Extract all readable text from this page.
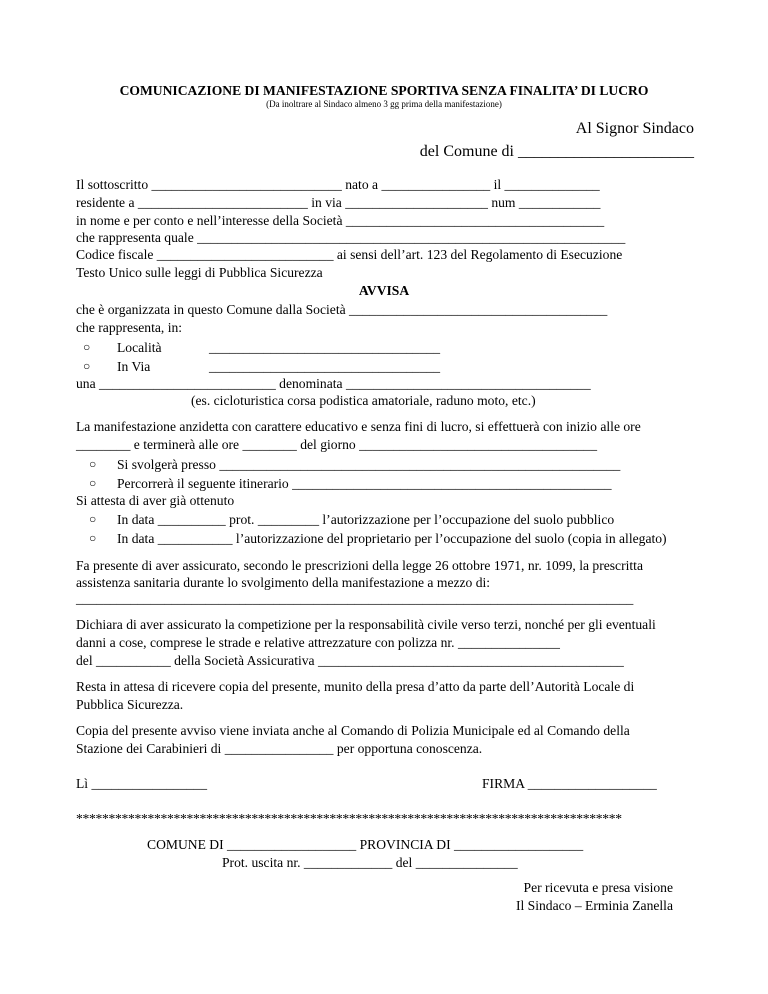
COMUNICAZIONE DI MANIFESTAZIONE SPORTIVA SENZA FINALITA’ DI LUCRO
(Da inoltrare al Sindaco almeno 3 gg prima della manifestazione)
Al Signor Sindaco
del Comune di ______________________
Il sottoscritto ____________________________ nato a ________________ il ______________
residente a _________________________ in via _____________________ num ____________
in nome e per conto e nell’interesse della Società ______________________________________
che rappresenta quale _______________________________________________________________
Codice fiscale __________________________ ai sensi dell’art. 123 del Regolamento di Esecuzione
Testo Unico sulle leggi di Pubblica Sicurezza
AVVISA
che è organizzata in questo Comune dalla Società ______________________________________
che rappresenta, in:
○ Località	__________________________________
○ In Via	__________________________________
una __________________________ denominata ____________________________________
(es. cicloturistica corsa podistica amatoriale, raduno moto, etc.)
La manifestazione anzidetta con carattere educativo e senza fini di lucro, si effettuerà con inizio alle ore
________ e terminerà alle ore ________ del giorno ___________________________________
○ Si svolgerà presso ___________________________________________________________
○ Percorrerà il seguente itinerario _______________________________________________
Si attesta di aver già ottenuto
○ In data __________ prot. _________ l’autorizzazione per l’occupazione del suolo pubblico
○ In data ___________ l’autorizzazione del proprietario per l’occupazione del suolo (copia in allegato)
Fa presente di aver assicurato, secondo le prescrizioni della legge 26 ottobre 1971, nr. 1099, la prescritta
assistenza sanitaria durante lo svolgimento della manifestazione a mezzo di:
__________________________________________________________________________________
Dichiara di aver assicurato la competizione per la responsabilità civile verso terzi, nonché per gli eventuali
danni a cose, comprese le strade e relative attrezzature con polizza nr. _______________
del ___________ della Società Assicurativa _____________________________________________
Resta in attesa di ricevere copia del presente, munito della presa d’atto da parte dell’Autorità Locale di
Pubblica Sicurezza.
Copia del presente avviso viene inviata anche al Comando di Polizia Municipale ed al Comando della
Stazione dei Carabinieri di ________________ per opportuna conoscenza.
Lì _________________	FIRMA ___________________
************************************************************************************
COMUNE DI ___________________ PROVINCIA DI ___________________
Prot. uscita nr. _____________ del _______________
Per ricevuta e presa visione
Il Sindaco – Erminia Zanella
